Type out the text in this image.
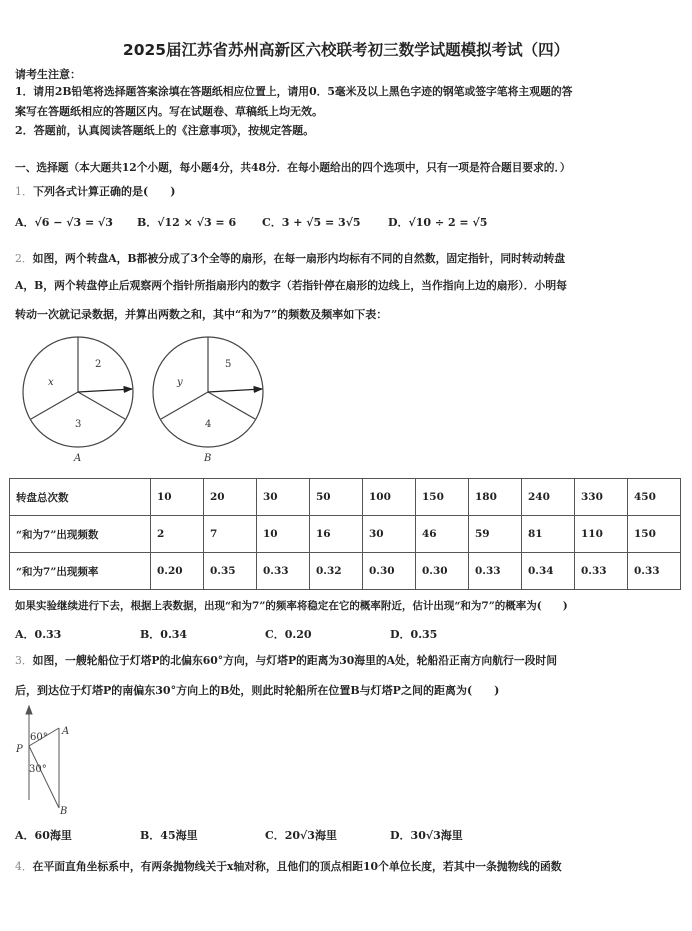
2025届江苏省苏州高新区六校联考初三数学试题模拟考试（四）
请考生注意：
1．请用2B铅笔将选择题答案涂填在答题纸相应位置上，请用0．5毫米及以上黑色字迹的钢笔或签字笔将主观题的答
案写在答题纸相应的答题区内。写在试题卷、草稿纸上均无效。
2．答题前，认真阅读答题纸上的《注意事项》，按规定答题。
一、选择题（本大题共12个小题，每小题4分，共48分．在每小题给出的四个选项中，只有一项是符合题目要求的．）
1．下列各式计算正确的是(　　)
A．√6 − √3 = √3 B．√12 × √3 = 6 C．3 + √5 = 3√5 D．√10 ÷ 2 = √5
2．如图，两个转盘A，B都被分成了3个全等的扇形，在每一扇形内均标有不同的自然数，固定指针，同时转动转盘
A，B，两个转盘停止后观察两个指针所指扇形内的数字（若指针停在扇形的边线上，当作指向上边的扇形）．小明每
转动一次就记录数据，并算出两数之和，其中“和为7”的频数及频率如下表：
2
x
3
A
5
y
4
B
转盘总次数	10	20	30	50	100	150	180	240	330	450
“和为7”出现频数	2	7	10	16	30	46	59	81	110	150
“和为7”出现频率	0.20	0.35	0.33	0.32	0.30	0.30	0.33	0.34	0.33	0.33
如果实验继续进行下去，根据上表数据，出现“和为7”的频率将稳定在它的概率附近，估计出现“和为7”的概率为(　　)
A．0.33	B．0.34	C．0.20	D．0.35
3．如图，一艘轮船位于灯塔P的北偏东60°方向，与灯塔P的距离为30海里的A处，轮船沿正南方向航行一段时间
后，到达位于灯塔P的南偏东30°方向上的B处，则此时轮船所在位置B与灯塔P之间的距离为(　　)
P
A
B
60°
30°
A．60海里	B．45海里	C．20√3海里	D．30√3海里
4．在平面直角坐标系中，有两条抛物线关于x轴对称，且他们的顶点相距10个单位长度，若其中一条抛物线的函数
